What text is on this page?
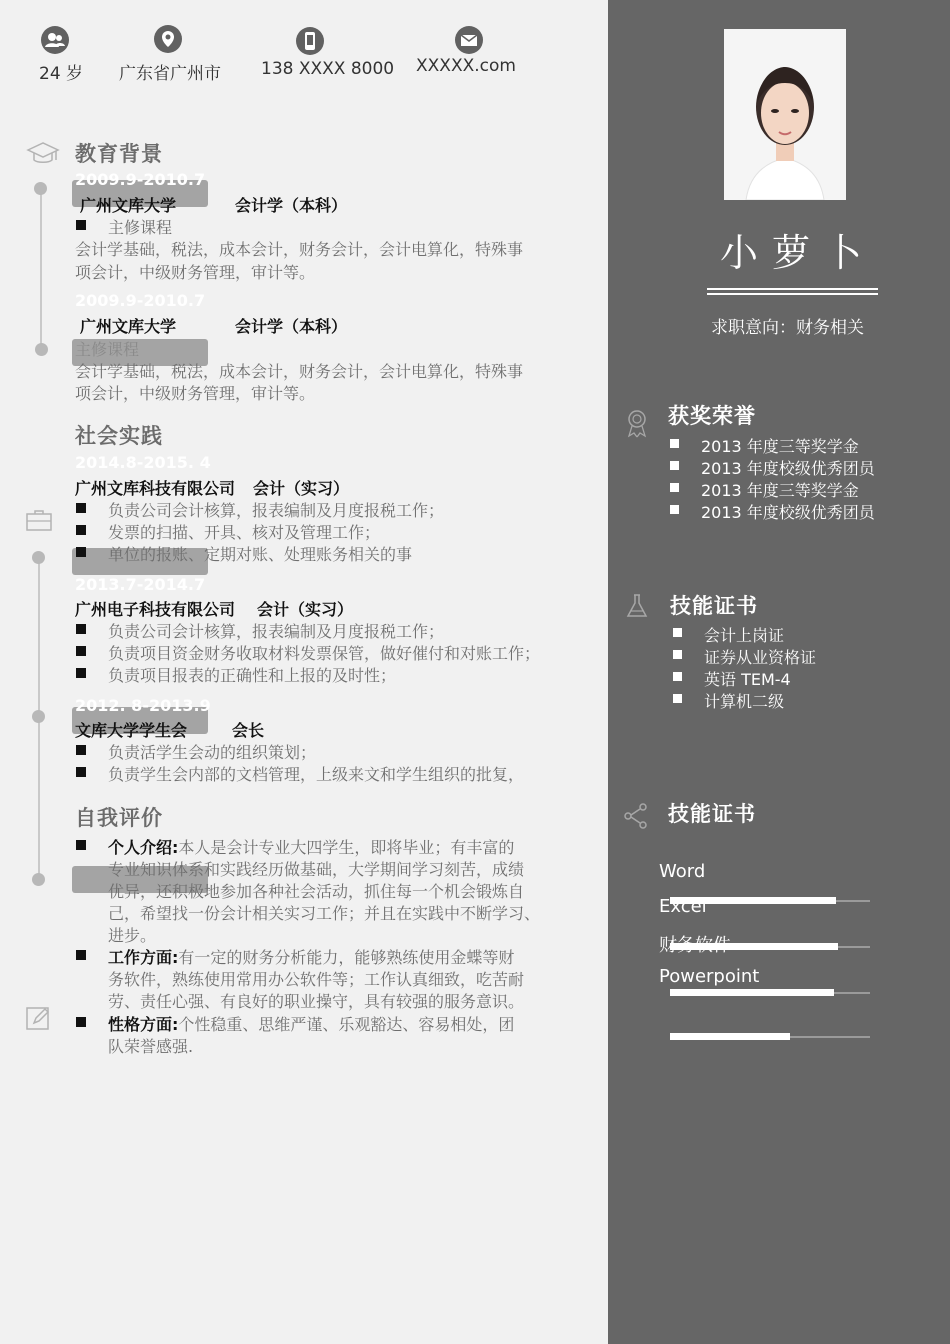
24 岁 广东省广州市 138 XXXX 8000 XXXXX.com
教育背景
2009.9-2010.7
广州文库大学	会计学（本科）
主修课程
会计学基础，税法，成本会计，财务会计，会计电算化，特殊事
项会计，中级财务管理，审计等。
2009.9-2010.7
广州文库大学	会计学（本科）
主修课程
会计学基础，税法，成本会计，财务会计，会计电算化，特殊事
项会计，中级财务管理，审计等。
社会实践
2014.8-2015. 4
广州文库科技有限公司 会计（实习）
负责公司会计核算，报表编制及月度报税工作；
发票的扫描、开具、核对及管理工作；
单位的报账、定期对账、处理账务相关的事
2013.7-2014.7
广州电子科技有限公司 会计（实习）
负责公司会计核算，报表编制及月度报税工作；
负责项目资金财务收取材料发票保管，做好催付和对账工作；
负责项目报表的正确性和上报的及时性；
2012. 8-2013.9
文库大学学生会	会长
负责活学生会动的组织策划；
负责学生会内部的文档管理，上级来文和学生组织的批复，
自我评价
个人介绍:本人是会计专业大四学生，即将毕业；有丰富的
专业知识体系和实践经历做基础，大学期间学习刻苦，成绩
优异，还积极地参加各种社会活动，抓住每一个机会锻炼自
己，希望找一份会计相关实习工作；并且在实践中不断学习、
进步。
工作方面:有一定的财务分析能力，能够熟练使用金蝶等财
务软件，熟练使用常用办公软件等；工作认真细致，吃苦耐
劳、责任心强、有良好的职业操守，具有较强的服务意识。
性格方面:个性稳重、思维严谨、乐观豁达、容易相处，团
队荣誉感强.
小萝卜
求职意向：财务相关
获奖荣誉
2013 年度三等奖学金
2013 年度校级优秀团员
2013 年度三等奖学金
2013 年度校级优秀团员
技能证书
会计上岗证
证券从业资格证
英语 TEM-4
计算机二级
技能证书
Word
Excel
财务软件
Powerpoint
